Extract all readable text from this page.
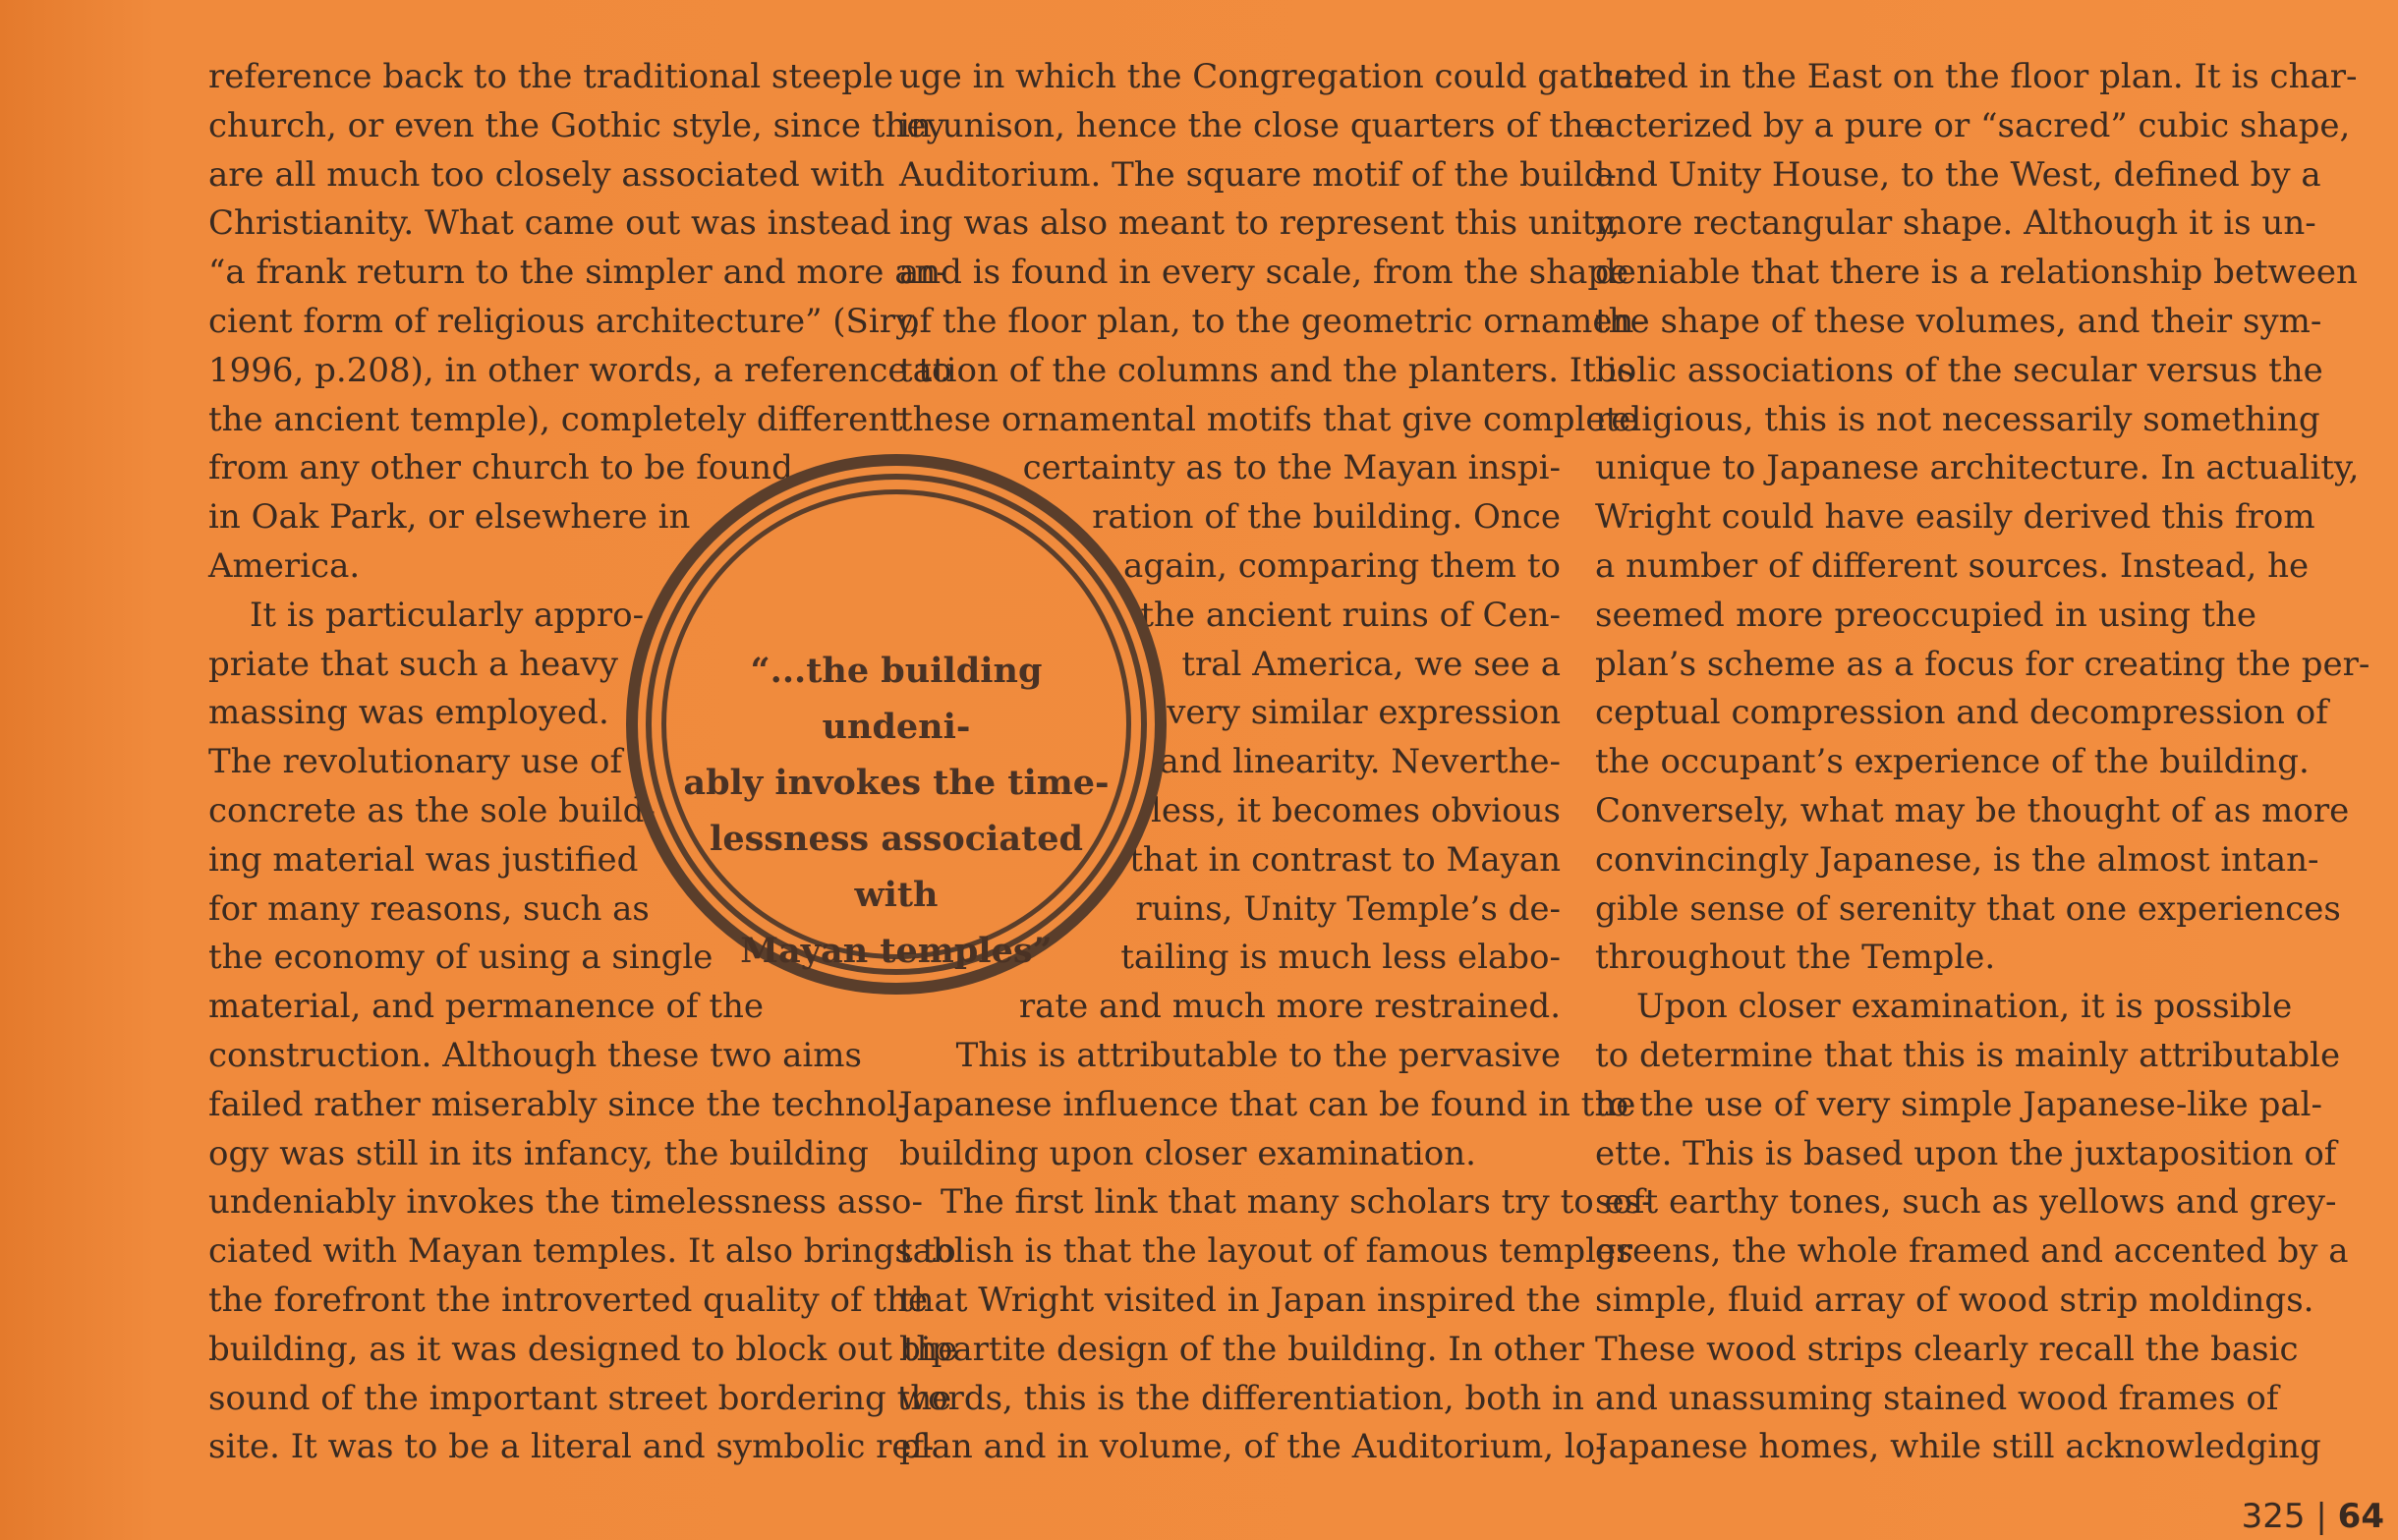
reference back to the traditional steeple
church, or even the Gothic style, since they
are all much too closely associated with
Christianity. What came out was instead
“a frank return to the simpler and more an-
cient form of religious architecture” (Siry,
1996, p.208), in other words, a reference to
the ancient temple), completely different
from any other church to be found
in Oak Park, or elsewhere in
America.
It is particularly appro-
priate that such a heavy
massing was employed.
The revolutionary use of
concrete as the sole build-
ing material was justified
for many reasons, such as
the economy of using a single
material, and permanence of the
construction. Although these two aims
failed rather miserably since the technol-
ogy was still in its infancy, the building
undeniably invokes the timelessness asso-
ciated with Mayan temples. It also brings to
the forefront the introverted quality of the
building, as it was designed to block out the
sound of the important street bordering the
site. It was to be a literal and symbolic ref-
uge in which the Congregation could gather
in unison, hence the close quarters of the
Auditorium. The square motif of the build-
ing was also meant to represent this unity,
and is found in every scale, from the shape
of the floor plan, to the geometric ornamen-
tation of the columns and the planters. It is
these ornamental motifs that give complete
certainty as to the Mayan inspi-
ration of the building. Once
again, comparing them to
the ancient ruins of Cen-
tral America, we see a
very similar expression
and linearity. Neverthe-
less, it becomes obvious
that in contrast to Mayan
ruins, Unity Temple’s de-
tailing is much less elabo-
rate and much more restrained.
This is attributable to the pervasive
Japanese influence that can be found in the
building upon closer examination.
The first link that many scholars try to es-
tablish is that the layout of famous temples
that Wright visited in Japan inspired the
bipartite design of the building. In other
words, this is the differentiation, both in
plan and in volume, of the Auditorium, lo-
cated in the East on the floor plan. It is char-
acterized by a pure or “sacred” cubic shape,
and Unity House, to the West, defined by a
more rectangular shape. Although it is un-
deniable that there is a relationship between
the shape of these volumes, and their sym-
bolic associations of the secular versus the
religious, this is not necessarily something
unique to Japanese architecture. In actuality,
Wright could have easily derived this from
a number of different sources. Instead, he
seemed more preoccupied in using the
plan’s scheme as a focus for creating the per-
ceptual compression and decompression of
the occupant’s experience of the building.
Conversely, what may be thought of as more
convincingly Japanese, is the almost intan-
gible sense of serenity that one experiences
throughout the Temple.
Upon closer examination, it is possible
to determine that this is mainly attributable
to the use of very simple Japanese-like pal-
ette. This is based upon the juxtaposition of
soft earthy tones, such as yellows and grey-
greens, the whole framed and accented by a
simple, fluid array of wood strip moldings.
These wood strips clearly recall the basic
and unassuming stained wood frames of
Japanese homes, while still acknowledging
“...the building undeni-
ably invokes the time-
lessness associated with
Mayan temples”
325 | 64
